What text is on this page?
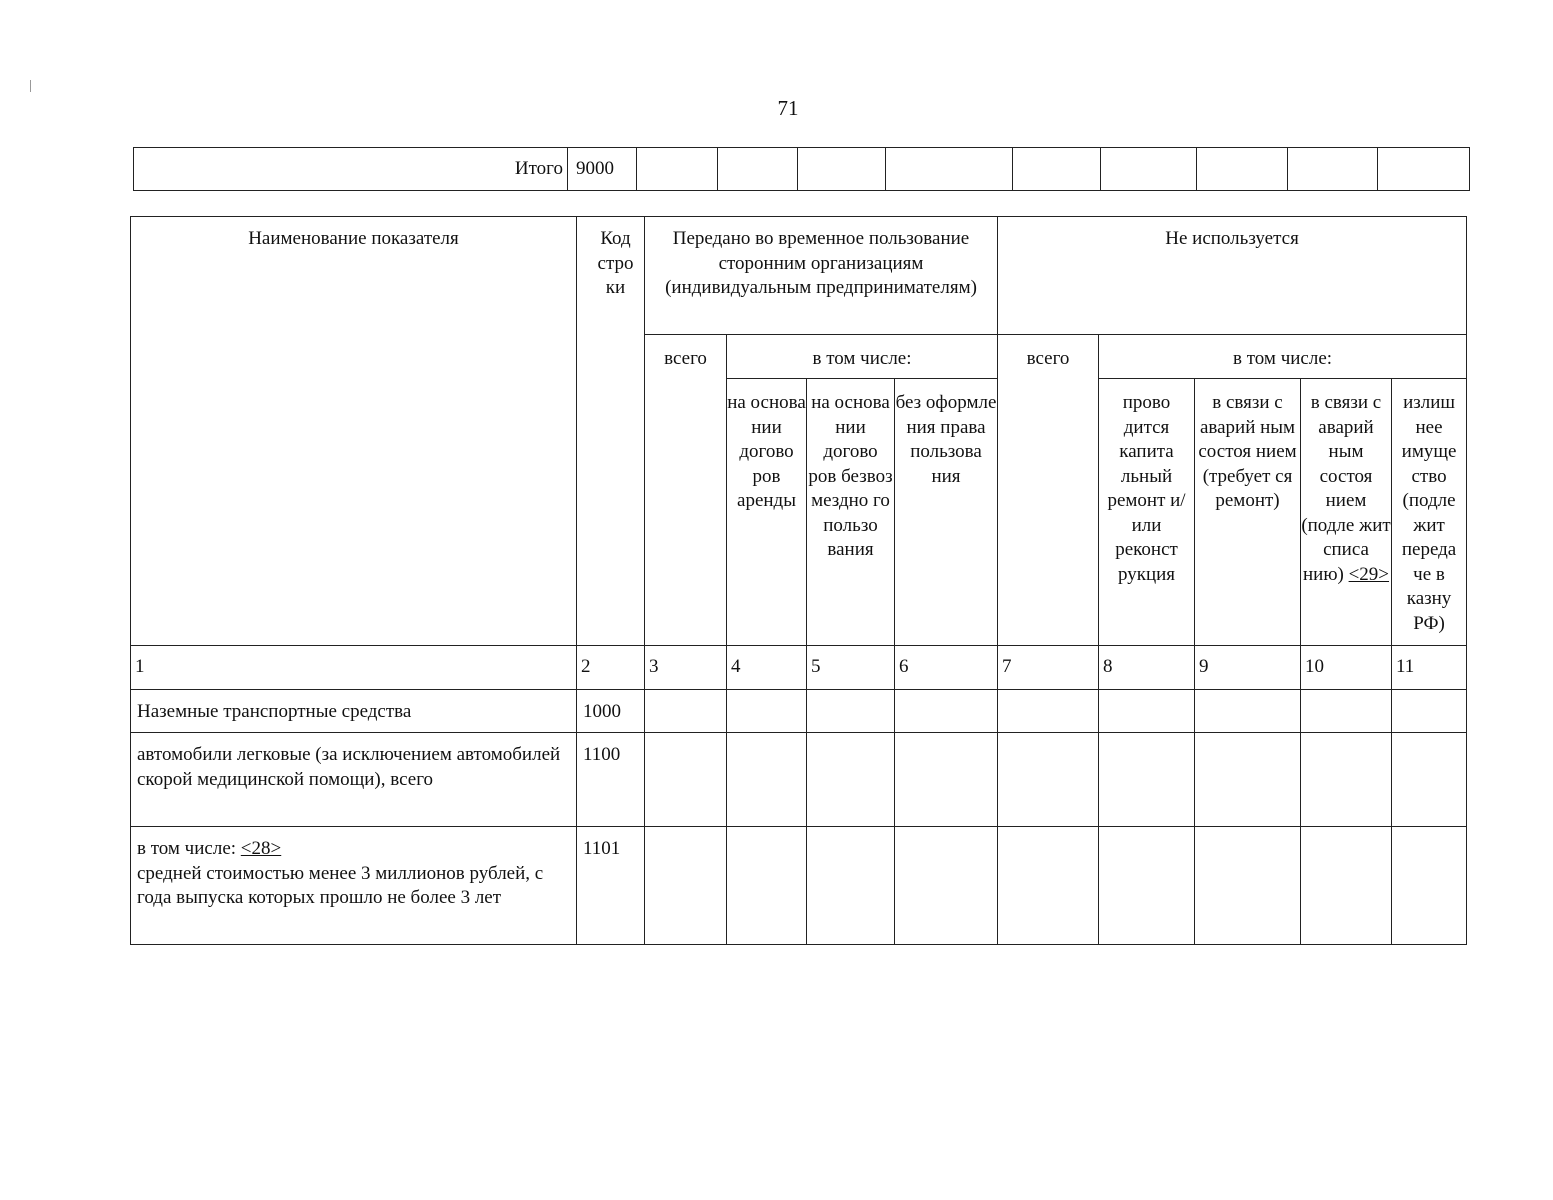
71
Итого	9000									
Наименование показателя	Код стро ки	Передано во временное пользование сторонним организациям (индивидуальным предпринимателям)				Не используется				
		всего	в том числе:			всего	в том числе:			
			на основа нии догово ров аренды	на основа нии догово ров безвоз мездно го пользо вания	без оформле ния права пользова ния		прово дится капита льный ремонт и/или реконст рукция	в связи с аварий ным состоя нием (требует ся ремонт)	в связи с аварий ным состоя нием (подле жит списа нию) <29>	излиш нее имуще ство (подле жит переда че в казну РФ)
1	2	3	4	5	6	7	8	9	10	11
Наземные транспортные средства	1000									
автомобили легковые (за исключением автомобилей скорой медицинской помощи), всего	1100									
в том числе: <28>
средней стоимостью менее 3 миллионов рублей, с года выпуска которых прошло не более 3 лет	1101									
